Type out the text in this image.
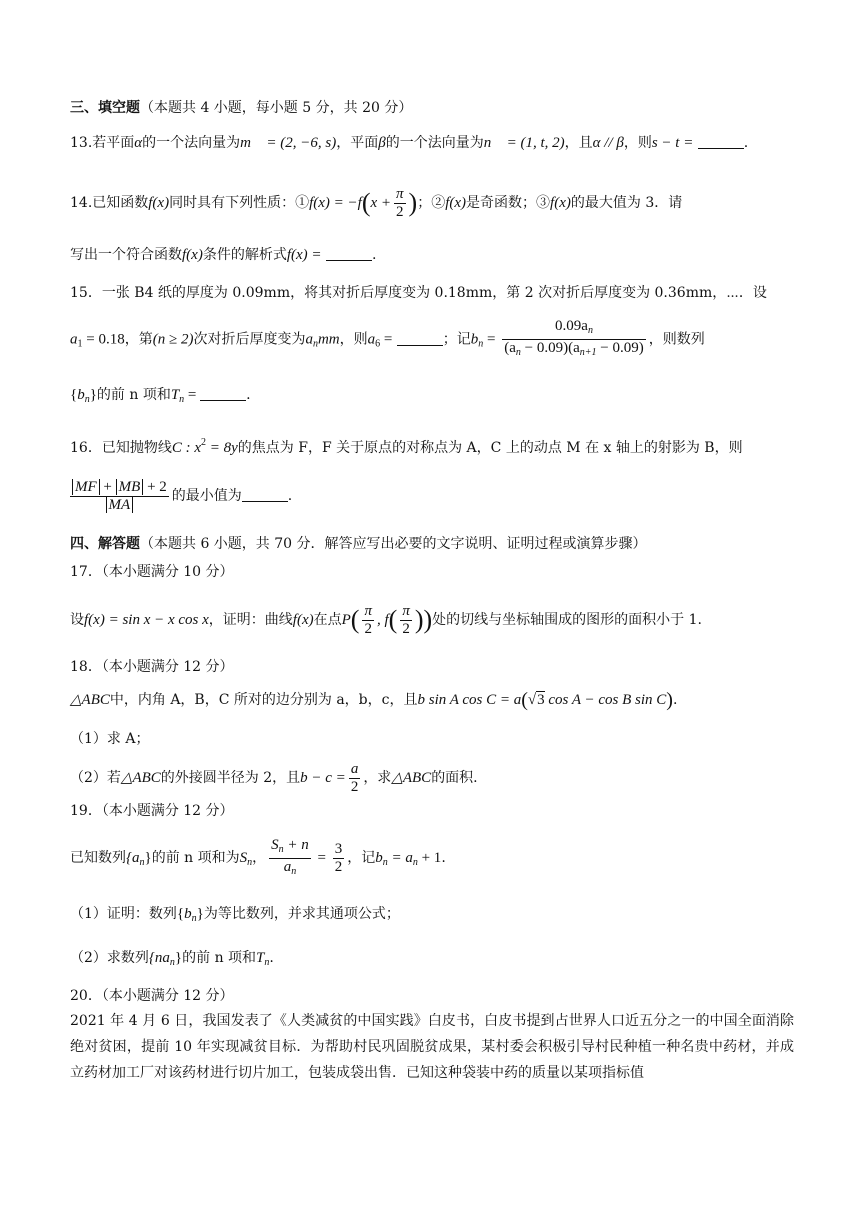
三、填空题（本题共 4 小题，每小题 5 分，共 20 分）
13.若平面α的一个法向量为m⃗ = (2, −6, s)，平面β的一个法向量为n⃗ = (1, t, 2)，且α // β，则s − t =	.
14.已知函数f(x)同时具有下列性质：①f(x) = $-f(x + \frac{\pi}{2}$ )；②f(x)是奇函数；③f(x)的最大值为 3．请
写出一个符合函数f(x)条件的解析式f(x) =	.
15．一张 B4 纸的厚度为 0.09mm，将其对折后厚度变为 0.18mm，第 2 次对折后厚度变为 0.36mm，⋯．设
$a_1 = 0.18$，第(n ≥ 2)次对折后厚度变为$a_nmm$，则$a_6$ =	；记$b_n = \frac{0.09a_n}{(a_n - 0.09)(a_{n+1} - 0.09)}$ ，则数列
$\{b_n\}$的前 n 项和$T_n$ =	.
16．已知抛物线C : $x^2 = 8y$的焦点为 F，F 关于原点的对称点为 A，C 上的动点 M 在 x 轴上的射影为 B，则
$\frac{MF + MB + 2}{MA}$ 的最小值为	.
四、解答题（本题共 6 小题，共 70 分．解答应写出必要的文字说明、证明过程或演算步骤）
17．（本小题满分 10 分）
设f(x) = sin x − x cos x，证明：曲线f(x)在点$P( \frac{\pi}{2}$ , $f( \frac{\pi}{2}$ ))处的切线与坐标轴围成的图形的面积小于 1.
18．（本小题满分 12 分）
△ABC中，内角 A，B，C 所对的边分别为 a，b，c，且b sin A cos C = a(√3 cos A − cos B sin C).
（1）求 A；
（2）若△ABC的外接圆半径为 2，且$b - c = \frac{a}{2}$ ，求△ABC的面积.
19．（本小题满分 12 分）
已知数列$\{a_n\}$的前 n 项和为$S_n$， $\frac{S_n + n}{a_n} = \frac{3}{2}$ ，记$b_n = a_n + 1$.
（1）证明：数列$\{b_n\}$为等比数列，并求其通项公式；
（2）求数列$\{na_n\}$的前 n 项和$T_n$.
20．（本小题满分 12 分）
2021 年 4 月 6 日，我国发表了《人类减贫的中国实践》白皮书，白皮书提到占世界人口近五分之一的中国全面消除绝对贫困，提前 10 年实现减贫目标．为帮助村民巩固脱贫成果，某村委会积极引导村民种植一种名贵中药材，并成立药材加工厂对该药材进行切片加工，包装成袋出售．已知这种袋装中药的质量以某项指标值
